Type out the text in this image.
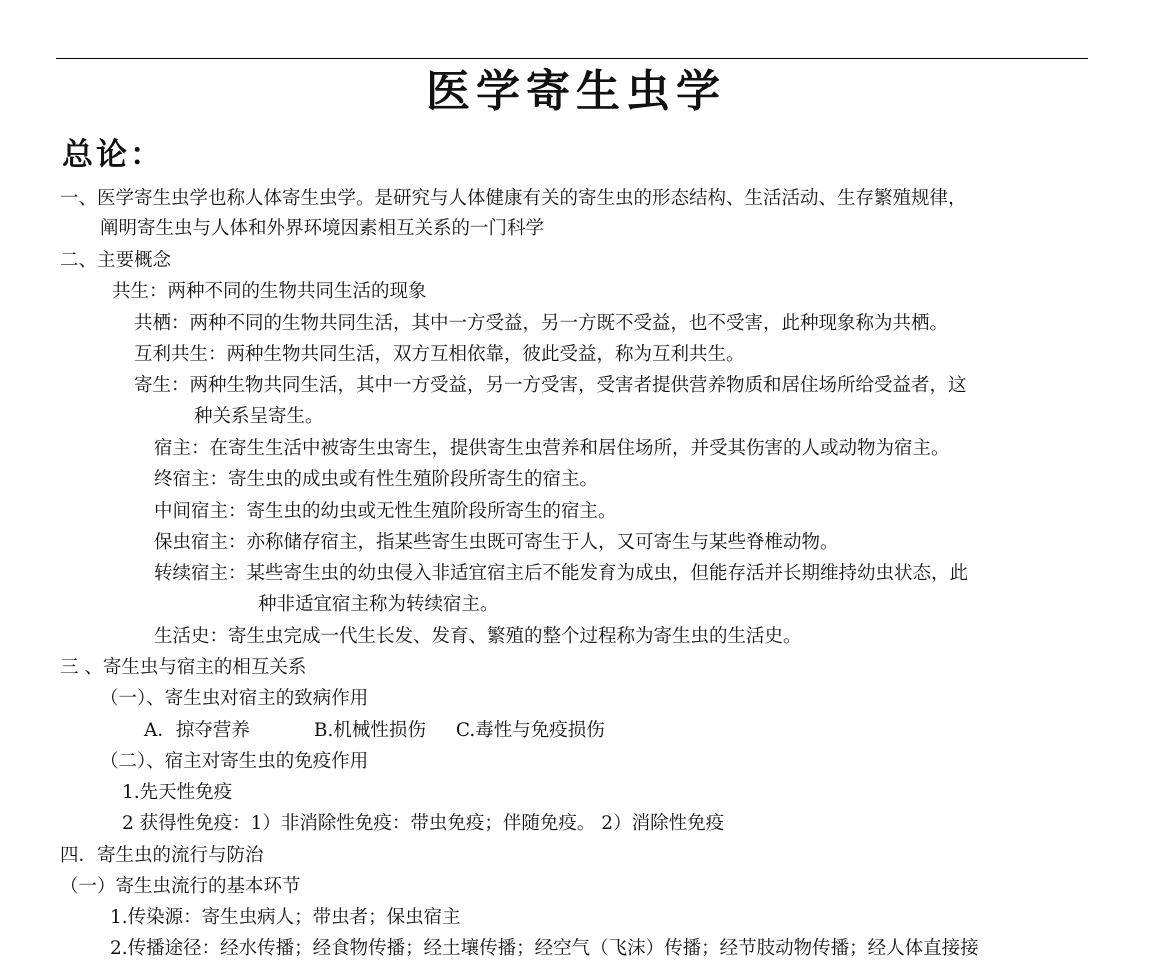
医学寄生虫学
总论：
一、医学寄生虫学也称人体寄生虫学。是研究与人体健康有关的寄生虫的形态结构、生活活动、生存繁殖规律，
阐明寄生虫与人体和外界环境因素相互关系的一门科学
二、主要概念
共生：两种不同的生物共同生活的现象
共栖：两种不同的生物共同生活，其中一方受益，另一方既不受益，也不受害，此种现象称为共栖。
互利共生：两种生物共同生活，双方互相依靠，彼此受益，称为互利共生。
寄生：两种生物共同生活，其中一方受益，另一方受害，受害者提供营养物质和居住场所给受益者，这
种关系呈寄生。
宿主：在寄生生活中被寄生虫寄生，提供寄生虫营养和居住场所，并受其伤害的人或动物为宿主。
终宿主：寄生虫的成虫或有性生殖阶段所寄生的宿主。
中间宿主：寄生虫的幼虫或无性生殖阶段所寄生的宿主。
保虫宿主：亦称储存宿主，指某些寄生虫既可寄生于人，又可寄生与某些脊椎动物。
转续宿主：某些寄生虫的幼虫侵入非适宜宿主后不能发育为成虫，但能存活并长期维持幼虫状态，此
种非适宜宿主称为转续宿主。
生活史：寄生虫完成一代生长发、发育、繁殖的整个过程称为寄生虫的生活史。
三 、寄生虫与宿主的相互关系
（一）、寄生虫对宿主的致病作用
A．掠夺营养	B.机械性损伤 C.毒性与免疫损伤
（二）、宿主对寄生虫的免疫作用
1.先天性免疫
2 获得性免疫：1）非消除性免疫：带虫免疫；伴随免疫。 2）消除性免疫
四．寄生虫的流行与防治
（一）寄生虫流行的基本环节
1.传染源：寄生虫病人；带虫者；保虫宿主
2.传播途径：经水传播；经食物传播；经土壤传播；经空气（飞沫）传播；经节肢动物传播；经人体直接接
